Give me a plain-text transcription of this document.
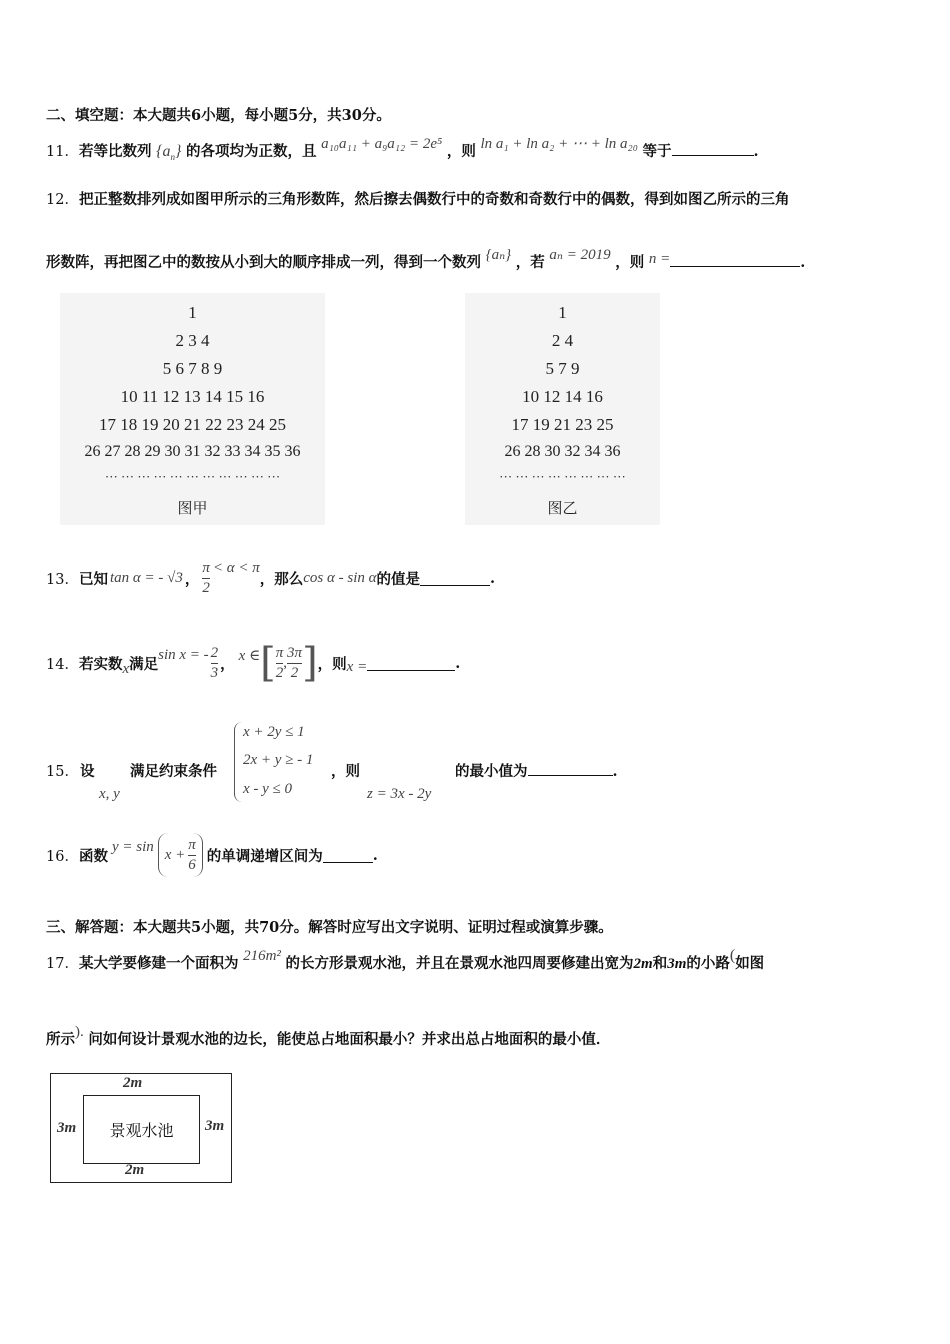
二、填空题：本大题共6小题，每小题5分，共30分。
11．若等比数列 $\{a_n\}$ 的各项均为正数，且 a₁₀a₁₁ + a₉a₁₂ = 2e⁵ ，则 ln a₁ + ln a₂ + ⋯ + ln a₂₀ 等于	.
12．把正整数排列成如图甲所示的三角形数阵，然后擦去偶数行中的奇数和奇数行中的偶数，得到如图乙所示的三角
形数阵，再把图乙中的数按从小到大的顺序排成一列，得到一个数列 {aₙ} ，若 aₙ = 2019 ，则 n =	.
1
2 3 4
5 6 7 8 9
10 11 12 13 14 15 16
17 18 19 20 21 22 23 24 25
26 27 28 29 30 31 32 33 34 35 36
··· ··· ··· ··· ··· ··· ··· ··· ··· ··· ···
图甲
1
2 4
5 7 9
10 12 14 16
17 19 21 23 25
26 28 30 32 34 36
··· ··· ··· ··· ··· ··· ··· ···
图乙
13． 已知 tan α = - √3 ， $\frac{\pi}{2} < \alpha < \pi$
，那么 cos α - sin α 的值是	.
14． 若实数 x 满足
sin x = - $\frac{2}{3}$ ， x ∈ [ $\frac{\pi}{2}$ , $\frac{3\pi}{2}$ ] ，则 x =	.
15． 设
x, y
满足约束条件
x + 2y ≤ 1
2x + y ≥ - 1
x - y ≤ 0
，则
z = 3x - 2y
的最小值为	.
16． 函数
$y = \sin x + \frac{\pi}{6}$ 的单调递增区间为	.
三、解答题：本大题共5小题，共70分。解答时应写出文字说明、证明过程或演算步骤。
17．某大学要修建一个面积为 216m² 的长方形景观水池，并且在景观水池四周要修建出宽为2m和3m的小路(如图
所示). 问如何设计景观水池的边长，能使总占地面积最小？并求出总占地面积的最小值．
景观水池
2m
2m
3m	3m
